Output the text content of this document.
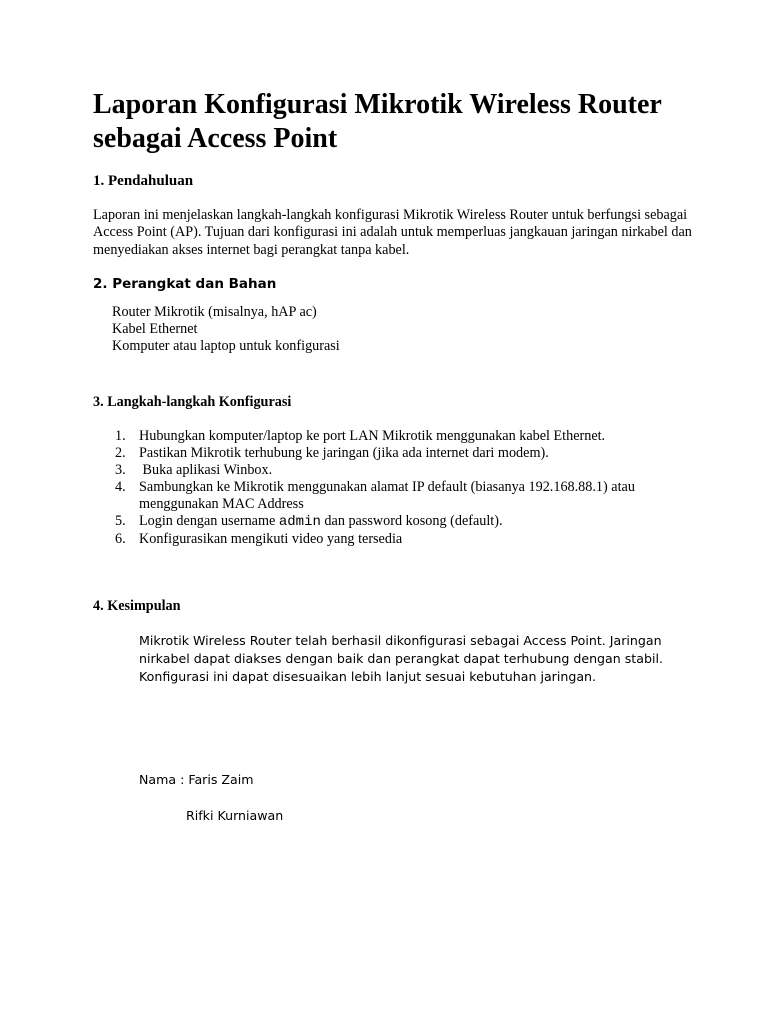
Laporan Konfigurasi Mikrotik Wireless Router sebagai Access Point
1. Pendahuluan

Laporan ini menjelaskan langkah-langkah konfigurasi Mikrotik Wireless Router untuk berfungsi sebagai Access Point (AP). Tujuan dari konfigurasi ini adalah untuk memperluas jangkauan jaringan nirkabel dan menyediakan akses internet bagi perangkat tanpa kabel.

2. Perangkat dan Bahan
Router Mikrotik (misalnya, hAP ac)
Kabel Ethernet
Komputer atau laptop untuk konfigurasi
3. Langkah-langkah Konfigurasi
1. Hubungkan komputer/laptop ke port LAN Mikrotik menggunakan kabel Ethernet.
2. Pastikan Mikrotik terhubung ke jaringan (jika ada internet dari modem).
3. Buka aplikasi Winbox.
4. Sambungkan ke Mikrotik menggunakan alamat IP default (biasanya 192.168.88.1) atau menggunakan MAC Address
5. Login dengan username admin dan password kosong (default).
6. Konfigurasikan mengikuti video yang tersedia
4. Kesimpulan

Mikrotik Wireless Router telah berhasil dikonfigurasi sebagai Access Point. Jaringan nirkabel dapat diakses dengan baik dan perangkat dapat terhubung dengan stabil. Konfigurasi ini dapat disesuaikan lebih lanjut sesuai kebutuhan jaringan.

Nama : Faris Zaim

Rifki Kurniawan
